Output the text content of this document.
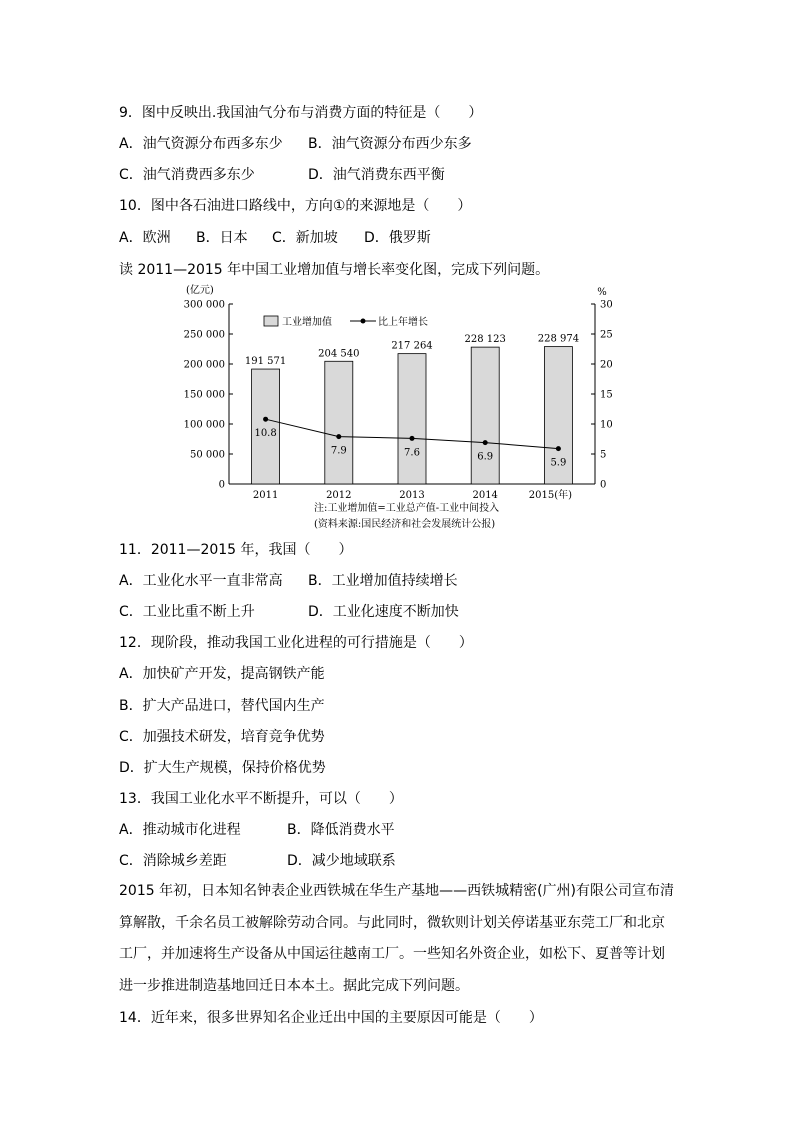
9．图中反映出.我国油气分布与消费方面的特征是（　　）
A．油气资源分布西多东少 B．油气资源分布西少东多
C．油气消费西多东少	D．油气消费东西平衡
10．图中各石油进口路线中，方向①的来源地是（　　）
A．欧洲 B．日本 C．新加坡 D．俄罗斯
读 2011—2015 年中国工业增加值与增长率变化图，完成下列问题。
(亿元)	%
0
50 000
100 000
150 000
200 000
250 000
300 000
0
5
10
15
20
25
30
191 571
204 540
217 264
228 123	228 974
10.8
7.9	7.6	6.9
5.9
2011	2012	2013	2014	2015(年)
工业增加值	比上年增长
注:工业增加值=工业总产值-工业中间投入
(资料来源:国民经济和社会发展统计公报)
11．2011—2015 年，我国（　　）
A．工业化水平一直非常高 B．工业增加值持续增长
C．工业比重不断上升	D．工业化速度不断加快
12．现阶段，推动我国工业化进程的可行措施是（　　）
A．加快矿产开发，提高钢铁产能
B．扩大产品进口，替代国内生产
C．加强技术研发，培育竞争优势
D．扩大生产规模，保持价格优势
13．我国工业化水平不断提升，可以（　　）
A．推动城市化进程	B．降低消费水平
C．消除城乡差距	D．减少地域联系
2015 年初，日本知名钟表企业西铁城在华生产基地——西铁城精密(广州)有限公司宣布清算解散，千余名员工被解除劳动合同。与此同时，微软则计划关停诺基亚东莞工厂和北京工厂，并加速将生产设备从中国运往越南工厂。一些知名外资企业，如松下、夏普等计划进一步推进制造基地回迁日本本土。据此完成下列问题。
14．近年来，很多世界知名企业迁出中国的主要原因可能是（　　）
